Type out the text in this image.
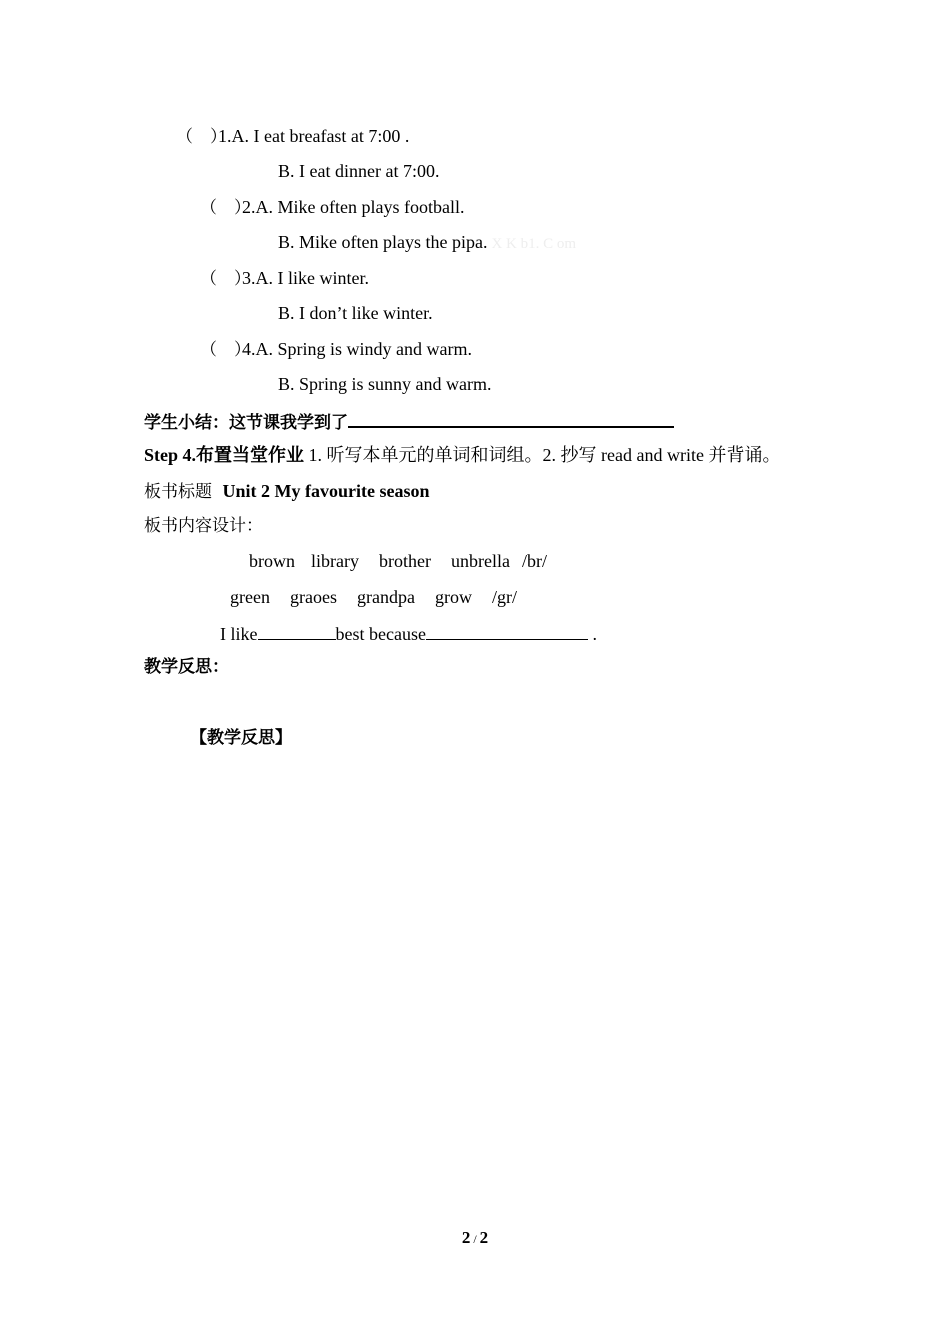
（　）1.A. I eat breafast at 7:00 .
B. I eat dinner at 7:00.
（　）2.A. Mike often plays football.
B. Mike often plays the pipa. X K b1. C om
（　）3.A. I like winter.
B. I don’t like winter.
（　）4.A. Spring is windy and warm.
B. Spring is sunny and warm.
学生小结：这节课我学到了
Step 4.布置当堂作业 1. 听写本单元的单词和词组。2. 抄写 read and write 并背诵。
板书标题 Unit 2 My favourite season
板书内容设计：
brown library brother unbrella /br/
green graoes grandpa grow /gr/
I like	best because	.
教学反思：
【教学反思】
2 / 2
